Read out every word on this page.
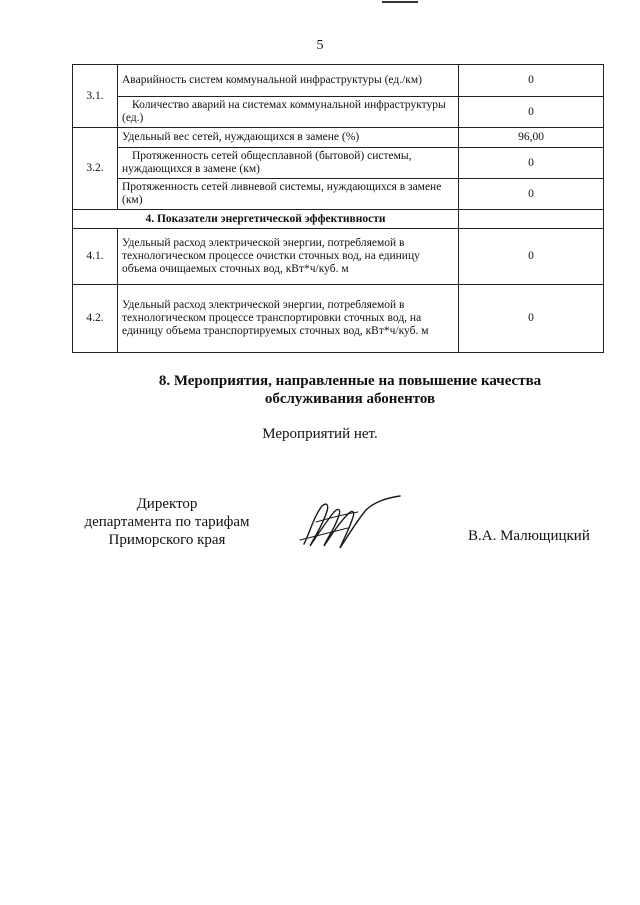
5
3.1.	Аварийность систем коммунальной инфраструктуры (ед./км)	0
	Количество аварий на системах коммунальной инфраструктуры (ед.)	0
3.2.	Удельный вес сетей, нуждающихся в замене (%)	96,00
	Протяженность сетей общесплавной (бытовой) системы, нуждающихся в замене (км)	0
	Протяженность сетей ливневой системы, нуждающихся в замене (км)	0
4. Показатели энергетической эффективности		
4.1.	Удельный расход электрической энергии, потребляемой в технологическом процессе очистки сточных вод, на единицу объема очищаемых сточных вод, кВт*ч/куб. м	0
4.2.	Удельный расход электрической энергии, потребляемой в технологическом процессе транспортировки сточных вод, на единицу объема транспортируемых сточных вод, кВт*ч/куб. м	0
8. Мероприятия, направленные на повышение качества
обслуживания абонентов
Мероприятий нет.
Директор
департамента по тарифам
Приморского края	В.А. Малющицкий
